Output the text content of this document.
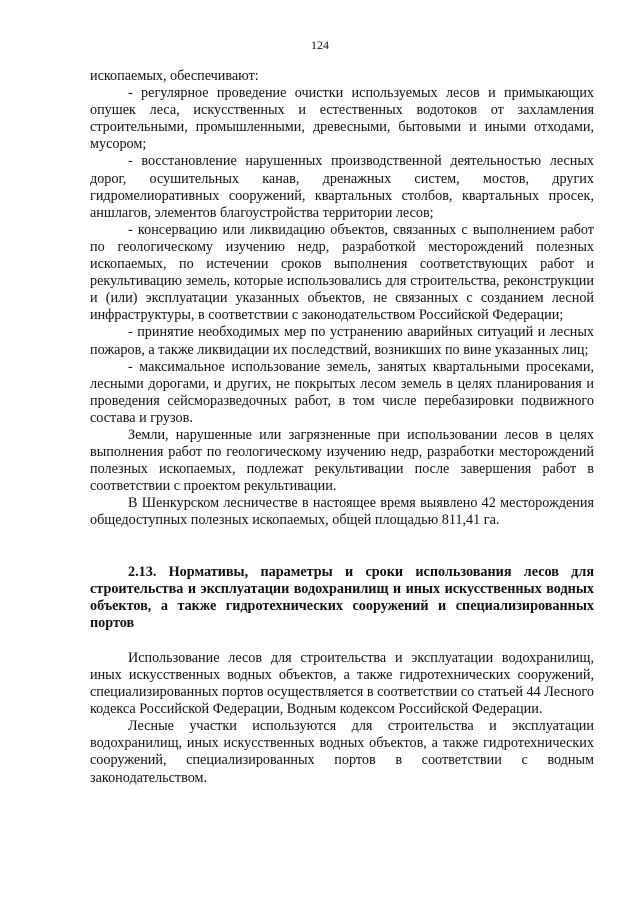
124

ископаемых, обеспечивают:

- регулярное проведение очистки используемых лесов и примыкающих опушек леса, искусственных и естественных водотоков от захламления строительными, промышленными, древесными, бытовыми и иными отходами, мусором;

- восстановление нарушенных производственной деятельностью лесных дорог, осушительных канав, дренажных систем, мостов, других гидромелиоративных сооружений, квартальных столбов, квартальных просек, аншлагов, элементов благоустройства территории лесов;

- консервацию или ликвидацию объектов, связанных с выполнением работ по геологическому изучению недр, разработкой месторождений полезных ископаемых, по истечении сроков выполнения соответствующих работ и рекультивацию земель, которые использовались для строительства, реконструкции и (или) эксплуатации указанных объектов, не связанных с созданием лесной инфраструктуры, в соответствии с законодательством Российской Федерации;

- принятие необходимых мер по устранению аварийных ситуаций и лесных пожаров, а также ликвидации их последствий, возникших по вине указанных лиц;

- максимальное использование земель, занятых квартальными просеками, лесными дорогами, и других, не покрытых лесом земель в целях планирования и проведения сейсморазведочных работ, в том числе перебазировки подвижного состава и грузов.

Земли, нарушенные или загрязненные при использовании лесов в целях выполнения работ по геологическому изучению недр, разработки месторождений полезных ископаемых, подлежат рекультивации после завершения работ в соответствии с проектом рекультивации.

В Шенкурском лесничестве в настоящее время выявлено 42 месторождения общедоступных полезных ископаемых, общей площадью 811,41 га.

2.13. Нормативы, параметры и сроки использования лесов для строительства и эксплуатации водохранилищ и иных искусственных водных объектов, а также гидротехнических сооружений и специализированных портов

Использование лесов для строительства и эксплуатации водохранилищ, иных искусственных водных объектов, а также гидротехнических сооружений, специализированных портов осуществляется в соответствии со статьей 44 Лесного кодекса Российской Федерации, Водным кодексом Российской Федерации.

Лесные участки используются для строительства и эксплуатации водохранилищ, иных искусственных водных объектов, а также гидротехнических сооружений, специализированных портов в соответствии с водным законодательством.
